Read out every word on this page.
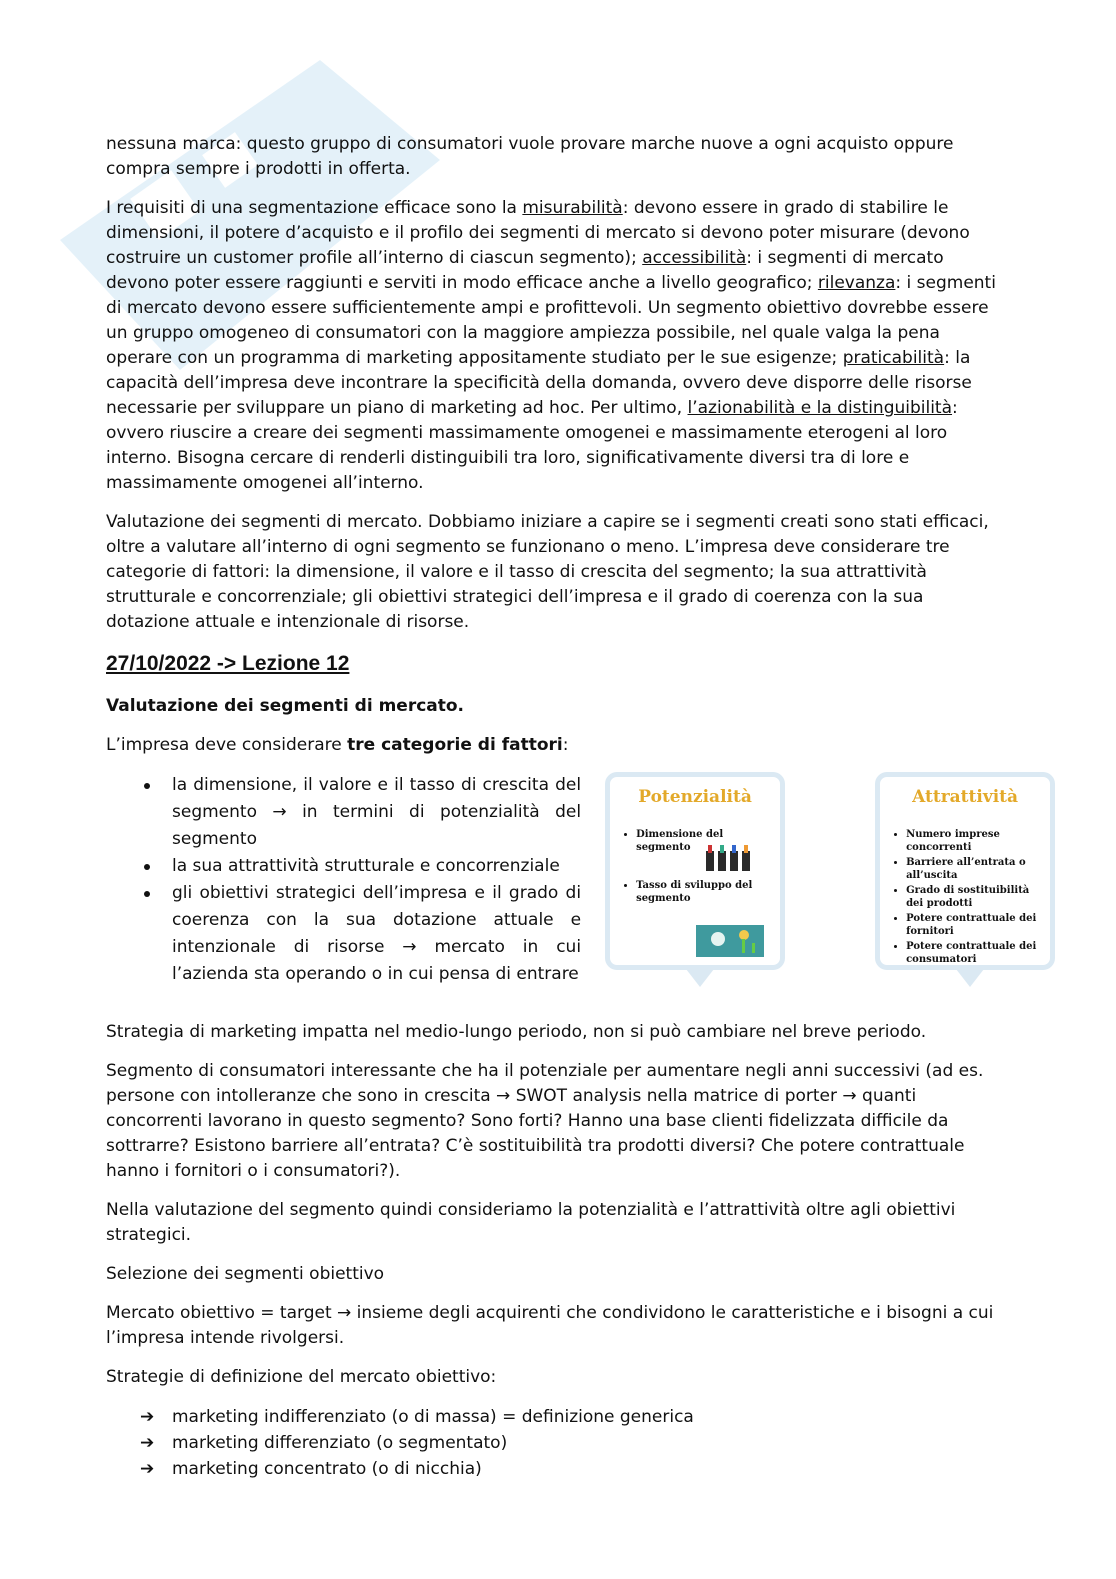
nessuna marca: questo gruppo di consumatori vuole provare marche nuove a ogni acquisto oppure compra sempre i prodotti in offerta.

I requisiti di una segmentazione efficace sono la misurabilità: devono essere in grado di stabilire le dimensioni, il potere d’acquisto e il profilo dei segmenti di mercato si devono poter misurare (devono costruire un customer profile all’interno di ciascun segmento); accessibilità: i segmenti di mercato devono poter essere raggiunti e serviti in modo efficace anche a livello geografico; rilevanza: i segmenti di mercato devono essere sufficientemente ampi e profittevoli. Un segmento obiettivo dovrebbe essere un gruppo omogeneo di consumatori con la maggiore ampiezza possibile, nel quale valga la pena operare con un programma di marketing appositamente studiato per le sue esigenze; praticabilità: la capacità dell’impresa deve incontrare la specificità della domanda, ovvero deve disporre delle risorse necessarie per sviluppare un piano di marketing ad hoc. Per ultimo, l’azionabilità e la distinguibilità: ovvero riuscire a creare dei segmenti massimamente omogenei e massimamente eterogeni al loro interno. Bisogna cercare di renderli distinguibili tra loro, significativamente diversi tra di lore e massimamente omogenei all’interno.

Valutazione dei segmenti di mercato. Dobbiamo iniziare a capire se i segmenti creati sono stati efficaci, oltre a valutare all’interno di ogni segmento se funzionano o meno. L’impresa deve considerare tre categorie di fattori: la dimensione, il valore e il tasso di crescita del segmento; la sua attrattività strutturale e concorrenziale; gli obiettivi strategici dell’impresa e il grado di coerenza con la sua dotazione attuale e intenzionale di risorse.

27/10/2022 -> Lezione 12
Valutazione dei segmenti di mercato.

L’impresa deve considerare tre categorie di fattori:

la dimensione, il valore e il tasso di crescita del segmento → in termini di potenzialità del segmento
la sua attrattività strutturale e concorrenziale
gli obiettivi strategici dell’impresa e il grado di coerenza con la sua dotazione attuale e intenzionale di risorse → mercato in cui l’azienda sta operando o in cui pensa di entrare
Potenzialità
• Dimensione del segmento
• Tasso di sviluppo del segmento
Attrattività
• Numero imprese concorrenti
• Barriere all’entrata o all’uscita
• Grado di sostituibilità dei prodotti
• Potere contrattuale dei fornitori
• Potere contrattuale dei consumatori

Strategia di marketing impatta nel medio-lungo periodo, non si può cambiare nel breve periodo.

Segmento di consumatori interessante che ha il potenziale per aumentare negli anni successivi (ad es. persone con intolleranze che sono in crescita → SWOT analysis nella matrice di porter → quanti concorrenti lavorano in questo segmento? Sono forti? Hanno una base clienti fidelizzata difficile da sottrarre? Esistono barriere all’entrata? C’è sostituibilità tra prodotti diversi? Che potere contrattuale hanno i fornitori o i consumatori?).

Nella valutazione del segmento quindi consideriamo la potenzialità e l’attrattività oltre agli obiettivi strategici.

Selezione dei segmenti obiettivo

Mercato obiettivo = target → insieme degli acquirenti che condividono le caratteristiche e i bisogni a cui l’impresa intende rivolgersi.

Strategie di definizione del mercato obiettivo:

➔ marketing indifferenziato (o di massa) = definizione generica
➔ marketing differenziato (o segmentato)
➔ marketing concentrato (o di nicchia)
